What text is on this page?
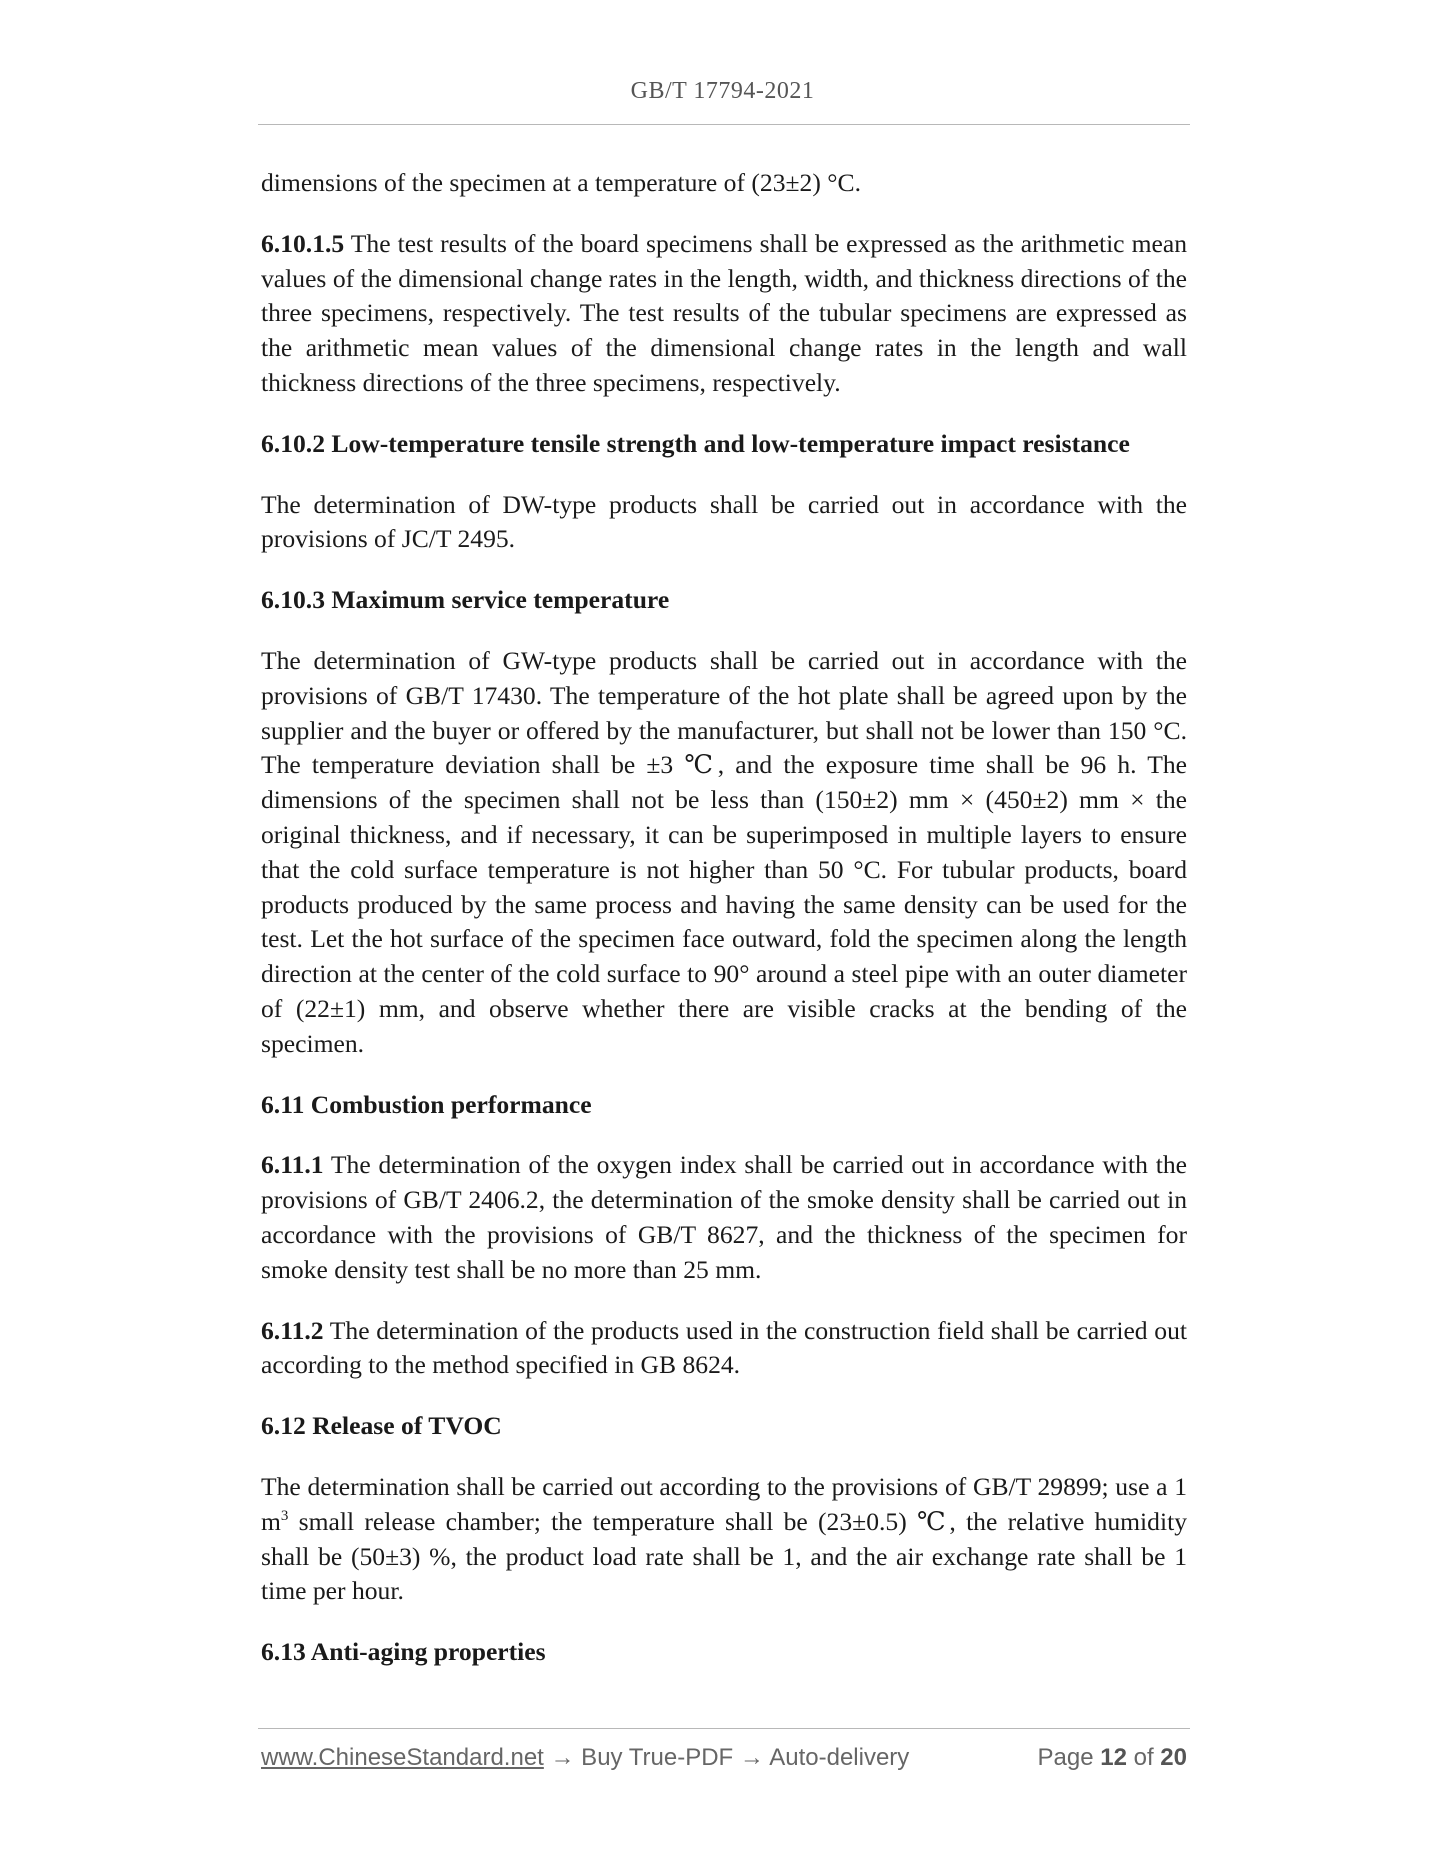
GB/T 17794-2021

dimensions of the specimen at a temperature of (23±2) °C.

6.10.1.5 The test results of the board specimens shall be expressed as the arithmetic mean values of the dimensional change rates in the length, width, and thickness directions of the three specimens, respectively. The test results of the tubular specimens are expressed as the arithmetic mean values of the dimensional change rates in the length and wall thickness directions of the three specimens, respectively.

6.10.2 Low-temperature tensile strength and low-temperature impact resistance

The determination of DW-type products shall be carried out in accordance with the provisions of JC/T 2495.

6.10.3 Maximum service temperature

The determination of GW-type products shall be carried out in accordance with the provisions of GB/T 17430. The temperature of the hot plate shall be agreed upon by the supplier and the buyer or offered by the manufacturer, but shall not be lower than 150 °C. The temperature deviation shall be ±3 ℃, and the exposure time shall be 96 h. The dimensions of the specimen shall not be less than (150±2) mm × (450±2) mm × the original thickness, and if necessary, it can be superimposed in multiple layers to ensure that the cold surface temperature is not higher than 50 °C. For tubular products, board products produced by the same process and having the same density can be used for the test. Let the hot surface of the specimen face outward, fold the specimen along the length direction at the center of the cold surface to 90° around a steel pipe with an outer diameter of (22±1) mm, and observe whether there are visible cracks at the bending of the specimen.

6.11 Combustion performance

6.11.1 The determination of the oxygen index shall be carried out in accordance with the provisions of GB/T 2406.2, the determination of the smoke density shall be carried out in accordance with the provisions of GB/T 8627, and the thickness of the specimen for smoke density test shall be no more than 25 mm.

6.11.2 The determination of the products used in the construction field shall be carried out according to the method specified in GB 8624.

6.12 Release of TVOC

The determination shall be carried out according to the provisions of GB/T 29899; use a 1 $m^3$ small release chamber; the temperature shall be (23±0.5) ℃, the relative humidity shall be (50±3) %, the product load rate shall be 1, and the air exchange rate shall be 1 time per hour.

6.13 Anti-aging properties
www.ChineseStandard.net → Buy True-PDF → Auto-delivery	Page 12 of 20
